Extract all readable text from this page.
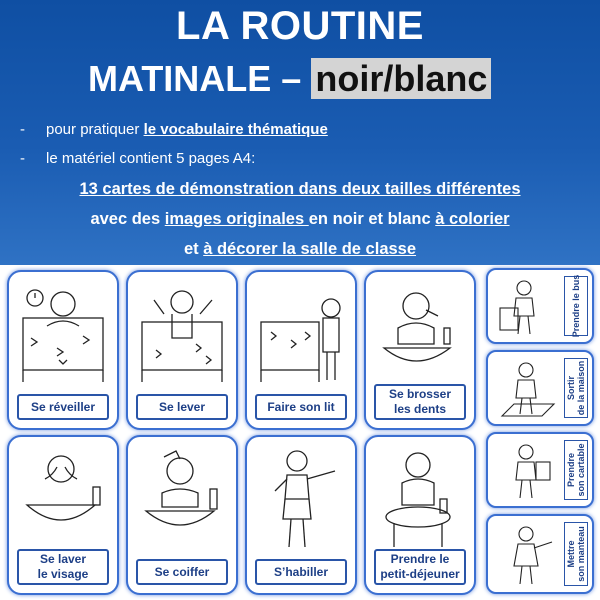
LA ROUTINE
MATINALE – noir/blanc
- pour pratiquer le vocabulaire thématique
- le matériel contient 5 pages A4:
13 cartes de démonstration dans deux tailles différentes
avec des images originales en noir et blanc à colorier
et à décorer la salle de classe
Se réveiller	Se lever	Faire son lit
Se brosser
les dents
Se laver
le visage	Se coiffer	S’habiller
Prendre le
petit-déjeuner
Prendre le bus
Sortir
de la maison
Prendre
son cartable
Mettre
son manteau
